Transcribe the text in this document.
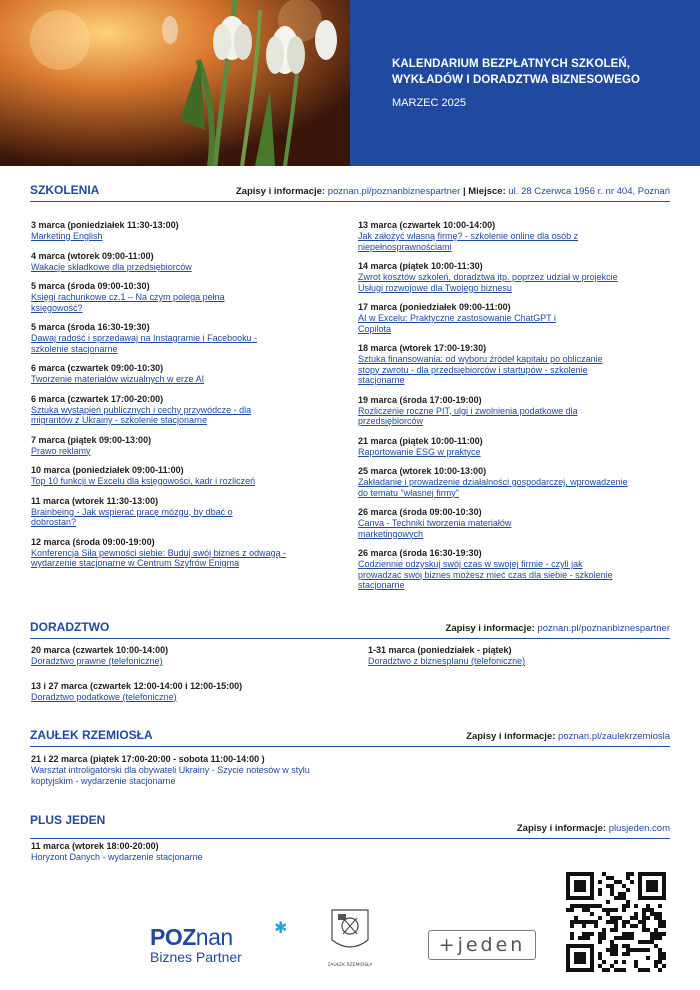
KALENDARIUM BEZPŁATNYCH SZKOLEŃ,
WYKŁADÓW I DORADZTWA BIZNESOWEGO
MARZEC 2025
SZKOLENIA	Zapisy i informacje: poznan.pl/poznanbiznespartner | Miejsce: ul. 28 Czerwca 1956 r. nr 404, Poznań
3 marca (poniedziałek 11:30-13:00)
Marketing English
4 marca (wtorek 09:00-11:00)
Wakacje składkowe dla przedsiębiorców
5 marca (środa 09:00-10:30)
Księgi rachunkowe cz.1 – Na czym polega pełna księgowość?
5 marca (środa 16:30-19:30)
Dawaj radość i sprzedawaj na Instagramie i Facebooku - szkolenie stacjonarne
6 marca (czwartek 09:00-10:30)
Tworzenie materiałów wizualnych w erze AI
6 marca (czwartek 17:00-20:00)
Sztuka wystąpień publicznych i cechy przywódcze - dla migrantów z Ukrainy - szkolenie stacjonarne
7 marca (piątek 09:00-13:00)
Prawo reklamy
10 marca (poniedziałek 09:00-11:00)
Top 10 funkcji w Excelu dla księgowości, kadr i rozliczeń
11 marca (wtorek 11:30-13:00)
Brainbeing - Jak wspierać pracę mózgu, by dbać o dobrostan?
12 marca (środa 09:00-19:00)
Konferencja Siła pewności siebie: Buduj swój biznes z odwagą - wydarzenie stacjonarne w Centrum Szyfrów Enigma
13 marca (czwartek 10:00-14:00)
Jak założyć własną firmę? - szkolenie online dla osób z niepełnosprawnościami
14 marca (piątek 10:00-11:30)
Zwrot kosztów szkoleń, doradztwa itp. poprzez udział w projekcie Usługi rozwojowe dla Twojego biznesu
17 marca (poniedziałek 09:00-11:00)
AI w Excelu: Praktyczne zastosowanie ChatGPT i Copilota
18 marca (wtorek 17:00-19:30)
Sztuka finansowania: od wyboru źródeł kapitału po obliczanie stopy zwrotu - dla przedsiębiorców i startupów - szkolenie stacjonarne
19 marca (środa 17:00-19:00)
Rozliczenie roczne PIT, ulgi i zwolnienia podatkowe dla przedsiębiorców
21 marca (piątek 10:00-11:00)
Raportowanie ESG w praktyce
25 marca (wtorek 10:00-13:00)
Zakładanie i prowadzenie działalności gospodarczej, wprowadzenie do tematu "własnej firmy"
26 marca (środa 09:00-10:30)
Canva - Techniki tworzenia materiałów marketingowych
26 marca (środa 16:30-19:30)
Codziennie odzyskuj swój czas w swojej firmie - czyli jak prowadzać swój biznes możesz mieć czas dla siebie - szkolenie stacjonarne
DORADZTWO	Zapisy i informacje: poznan.pl/poznanbiznespartner
20 marca (czwartek 10:00-14:00)
Doradztwo prawne (telefoniczne)
13 i 27 marca (czwartek 12:00-14:00 i 12:00-15:00)
Doradztwo podatkowe (telefoniczne)
1-31 marca (poniedziałek - piątek)
Doradztwo z biznesplanu (telefoniczne)
ZAUŁEK RZEMIOSŁA	Zapisy i informacje: poznan.pl/zaulekrzemiosla
21 i 22 marca (piątek 17:00-20:00 - sobota 11:00-14:00 )
Warsztat introligatorski dla obywateli Ukrainy - Szycie notesów w stylu koptyjskim - wydarzenie stacjonarne
PLUS JEDEN
Zapisy i informacje: plusjeden.com
11 marca (wtorek 18:00-20:00)
Horyzont Danych - wydarzenie stacjonarne
POZnan	✱
Biznes Partner
ZAUŁEK RZEMIOSŁA
+jeden
